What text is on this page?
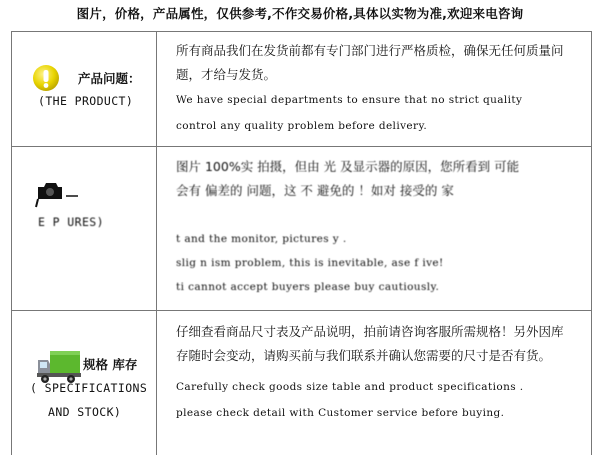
图片，价格，产品属性，仅供参考,不作交易价格,具体以实物为准,欢迎来电咨询
产品问题：
(THE PRODUCT)
所有商品我们在发货前都有专门部门进行严格质检，确保无任何质量问
题，才给与发货。
We have special departments to ensure that no strict quality
control any quality problem before delivery.
E P URES)
图片 100%实 拍摄，但由 光 及显示器的原因，您所看到 可能
会有 偏差的 问题，这 不 避免的 ！如对 接受的 家
t and the monitor, pictures y .
slig n ism problem, this is inevitable, ase f ive!
ti cannot accept buyers please buy cautiously.
规格 库存
( SPECIFICATIONS
AND STOCK)
仔细查看商品尺寸表及产品说明，拍前请咨询客服所需规格！另外因库
存随时会变动，请购买前与我们联系并确认您需要的尺寸是否有货。
Carefully check goods size table and product specifications .
please check detail with Customer service before buying.
